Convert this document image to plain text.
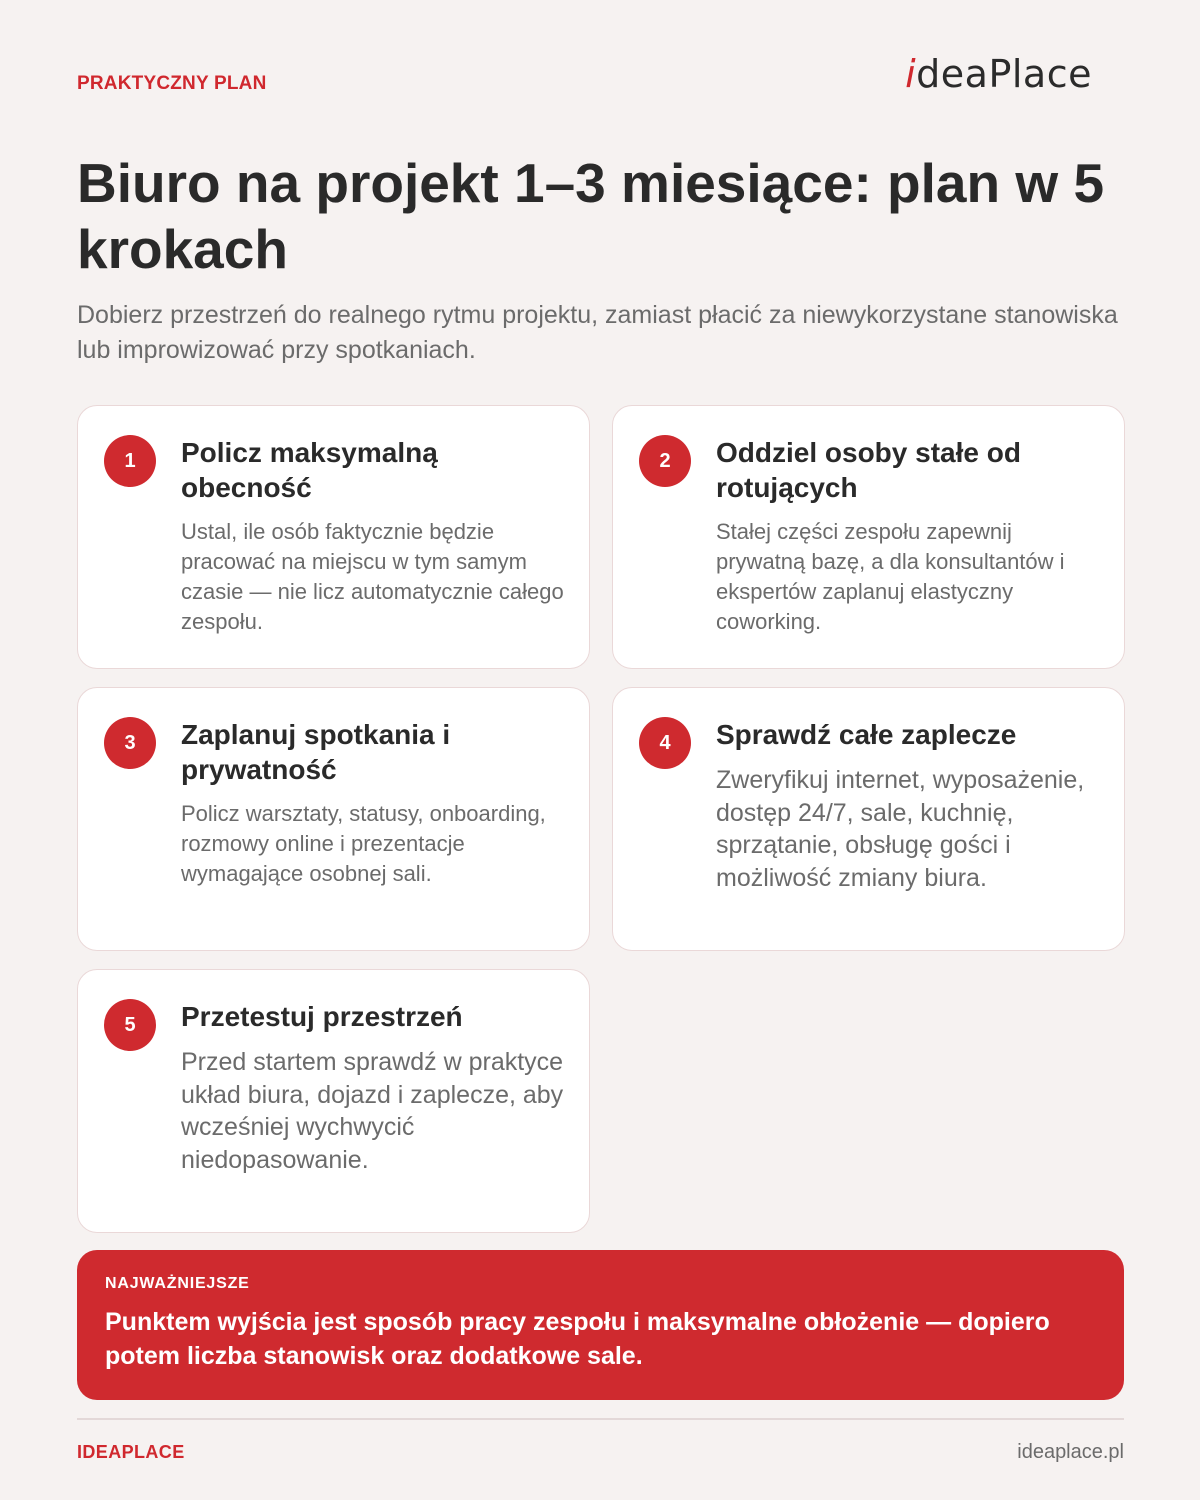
PRAKTYCZNY PLAN	ideaPlace
Biuro na projekt 1–3 miesiące: plan w 5 krokach

Dobierz przestrzeń do realnego rytmu projektu, zamiast płacić za niewykorzystane stanowiska lub improwizować przy spotkaniach.

1	Policz maksymalną obecność
Ustal, ile osób faktycznie będzie pracować na miejscu w tym samym czasie — nie licz automatycznie całego zespołu.
2	Oddziel osoby stałe od rotujących
Stałej części zespołu zapewnij prywatną bazę, a dla konsultantów i ekspertów zaplanuj elastyczny coworking.
3	Zaplanuj spotkania i prywatność
Policz warsztaty, statusy, onboarding, rozmowy online i prezentacje wymagające osobnej sali.
4	Sprawdź całe zaplecze
Zweryfikuj internet, wyposażenie, dostęp 24/7, sale, kuchnię, sprzątanie, obsługę gości i możliwość zmiany biura.
5	Przetestuj przestrzeń
Przed startem sprawdź w praktyce układ biura, dojazd i zaplecze, aby wcześniej wychwycić niedopasowanie.
NAJWAŻNIEJSZE
Punktem wyjścia jest sposób pracy zespołu i maksymalne obłożenie — dopiero potem liczba stanowisk oraz dodatkowe sale.
IDEAPLACE	ideaplace.pl
